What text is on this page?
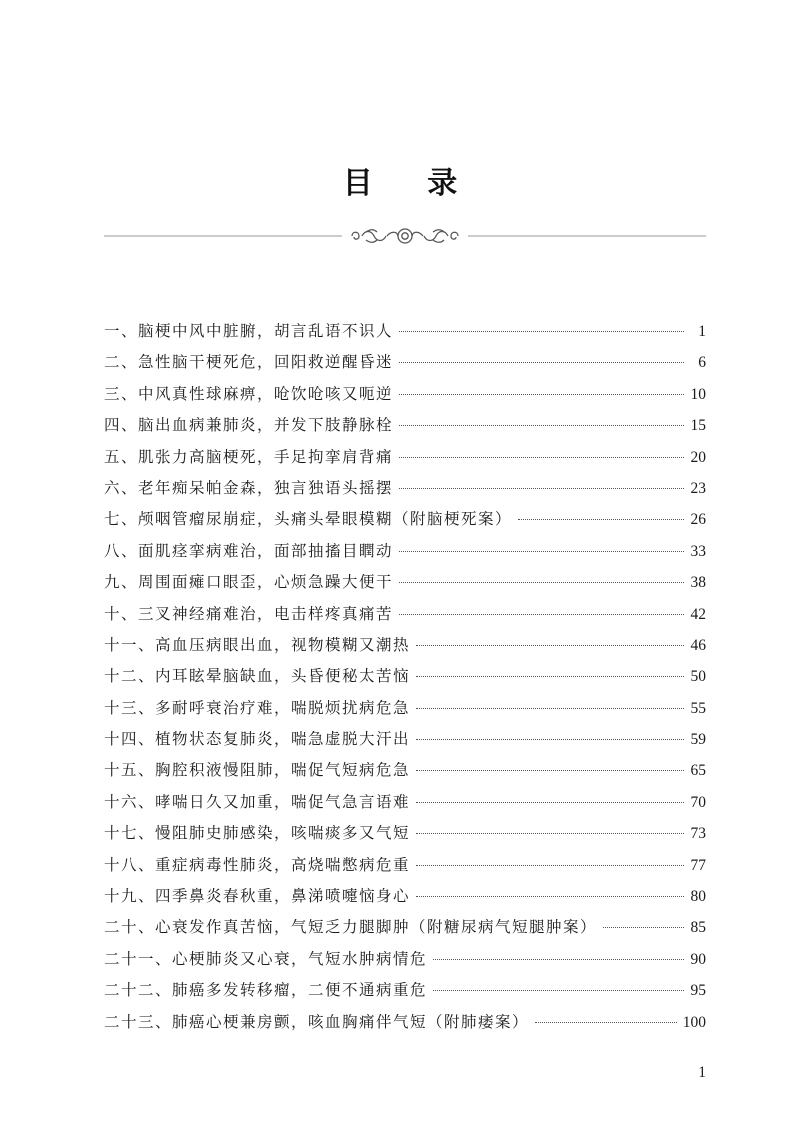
目 录
一、脑梗中风中脏腑，胡言乱语不识人	1
二、急性脑干梗死危，回阳救逆醒昏迷	6
三、中风真性球麻痹，呛饮呛咳又呃逆	10
四、脑出血病兼肺炎，并发下肢静脉栓	15
五、肌张力高脑梗死，手足拘挛肩背痛	20
六、老年痴呆帕金森，独言独语头摇摆	23
七、颅咽管瘤尿崩症，头痛头晕眼模糊（附脑梗死案）	26
八、面肌痉挛病难治，面部抽搐目瞤动	33
九、周围面瘫口眼歪，心烦急躁大便干	38
十、三叉神经痛难治，电击样疼真痛苦	42
十一、高血压病眼出血，视物模糊又潮热	46
十二、内耳眩晕脑缺血，头昏便秘太苦恼	50
十三、多耐呼衰治疗难，喘脱烦扰病危急	55
十四、植物状态复肺炎，喘急虚脱大汗出	59
十五、胸腔积液慢阻肺，喘促气短病危急	65
十六、哮喘日久又加重，喘促气急言语难	70
十七、慢阻肺史肺感染，咳喘痰多又气短	73
十八、重症病毒性肺炎，高烧喘憋病危重	77
十九、四季鼻炎春秋重，鼻涕喷嚏恼身心	80
二十、心衰发作真苦恼，气短乏力腿脚肿（附糖尿病气短腿肿案）	85
二十一、心梗肺炎又心衰，气短水肿病情危	90
二十二、肺癌多发转移瘤，二便不通病重危	95
二十三、肺癌心梗兼房颤，咳血胸痛伴气短（附肺痿案）	100
1
